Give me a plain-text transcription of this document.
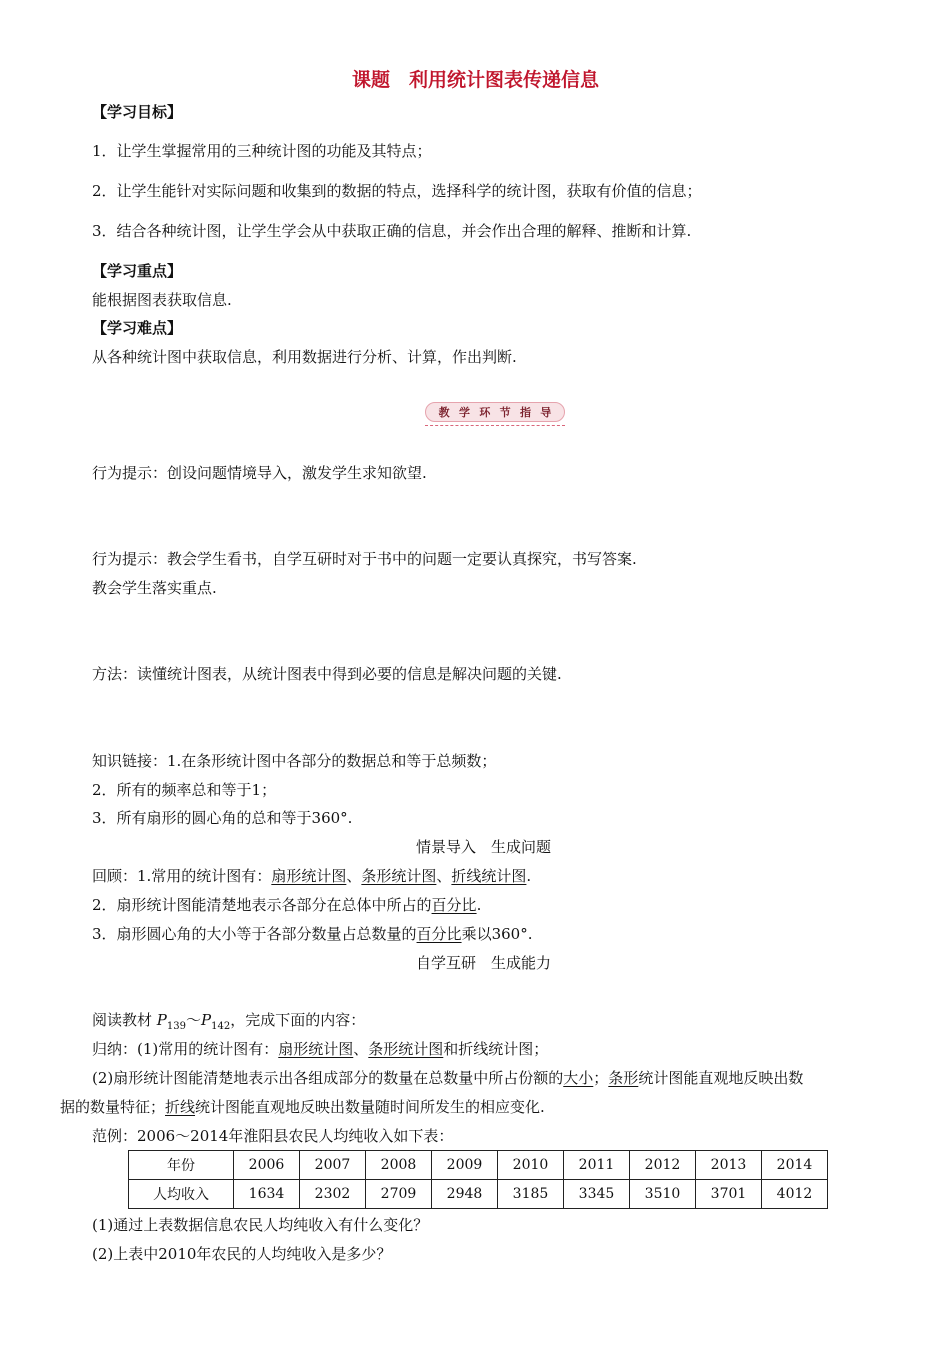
课题　利用统计图表传递信息
【学习目标】
1．让学生掌握常用的三种统计图的功能及其特点；
2．让学生能针对实际问题和收集到的数据的特点，选择科学的统计图，获取有价值的信息；
3．结合各种统计图，让学生学会从中获取正确的信息，并会作出合理的解释、推断和计算.
【学习重点】
能根据图表获取信息.
【学习难点】
从各种统计图中获取信息，利用数据进行分析、计算，作出判断.
教 学 环 节 指 导
行为提示：创设问题情境导入，激发学生求知欲望.
行为提示：教会学生看书，自学互研时对于书中的问题一定要认真探究，书写答案.
教会学生落实重点.
方法：读懂统计图表，从统计图表中得到必要的信息是解决问题的关键.
知识链接：1.在条形统计图中各部分的数据总和等于总频数；
2．所有的频率总和等于1；
3．所有扇形的圆心角的总和等于360°.
情景导入　生成问题
回顾：1.常用的统计图有：扇形统计图、条形统计图、折线统计图.
2．扇形统计图能清楚地表示各部分在总体中所占的百分比.
3．扇形圆心角的大小等于各部分数量占总数量的百分比乘以360°.
自学互研　生成能力
阅读教材 $P_{139}\sim P_{142}$，完成下面的内容：
归纳：(1)常用的统计图有：扇形统计图、条形统计图和折线统计图；
(2)扇形统计图能清楚地表示出各组成部分的数量在总数量中所占份额的大小；条形统计图能直观地反映出数
据的数量特征；折线统计图能直观地反映出数量随时间所发生的相应变化.
范例：2006～2014年淮阳县农民人均纯收入如下表：
年份	2006	2007	2008	2009	2010	2011	2012	2013	2014
人均收入	1634	2302	2709	2948	3185	3345	3510	3701	4012
(1)通过上表数据信息农民人均纯收入有什么变化？
(2)上表中2010年农民的人均纯收入是多少？
